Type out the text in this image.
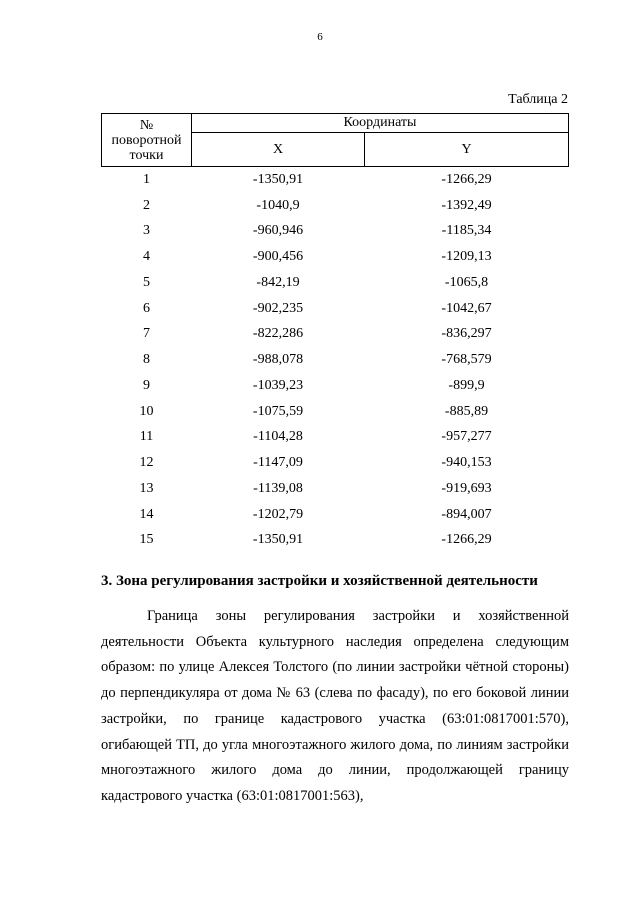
6
Таблица 2
№
поворотной
точки	Координаты	
	X	Y
1	-1350,91	-1266,29
2	-1040,9	-1392,49
3	-960,946	-1185,34
4	-900,456	-1209,13
5	-842,19	-1065,8
6	-902,235	-1042,67
7	-822,286	-836,297
8	-988,078	-768,579
9	-1039,23	-899,9
10	-1075,59	-885,89
11	-1104,28	-957,277
12	-1147,09	-940,153
13	-1139,08	-919,693
14	-1202,79	-894,007
15	-1350,91	-1266,29
3. Зона регулирования застройки и хозяйственной деятельности

Граница зоны регулирования застройки и хозяйственной деятельности Объекта культурного наследия определена следующим образом: по улице Алексея Толстого (по линии застройки чётной стороны) до перпендикуляра от дома № 63 (слева по фасаду), по его боковой линии застройки, по границе кадастрового участка (63:01:0817001:570), огибающей ТП, до угла многоэтажного жилого дома, по линиям застройки многоэтажного жилого дома до линии, продолжающей границу кадастрового участка (63:01:0817001:563),
